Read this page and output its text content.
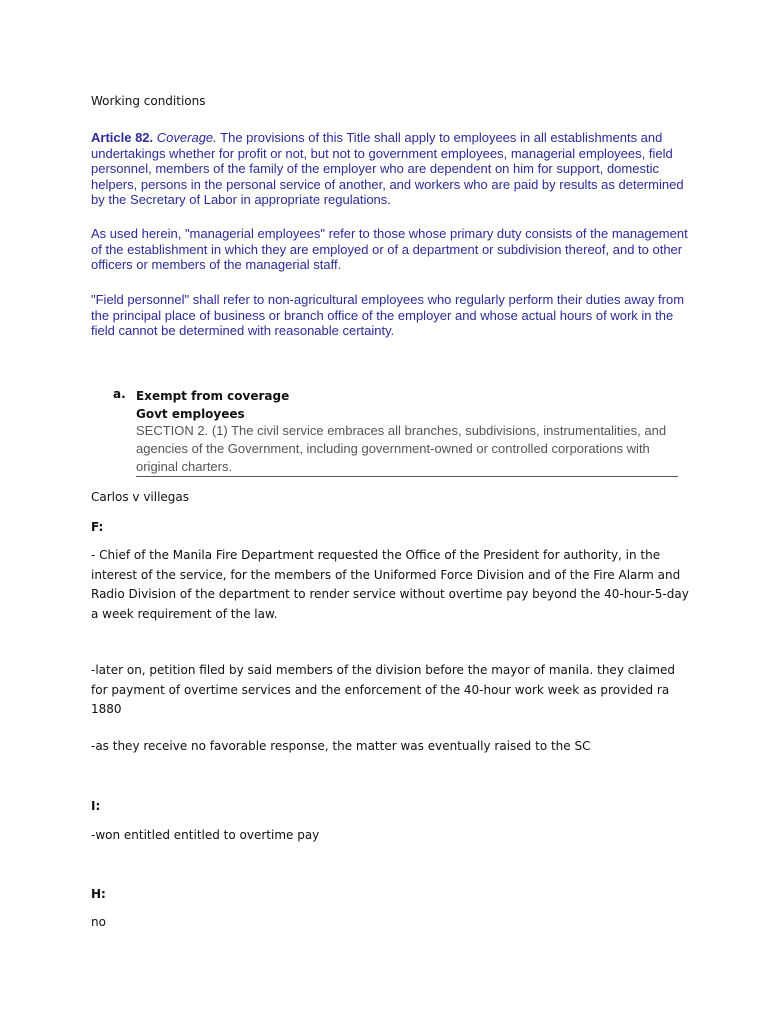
Working conditions
Article 82. Coverage. The provisions of this Title shall apply to employees in all establishments and undertakings whether for profit or not, but not to government employees, managerial employees, field personnel, members of the family of the employer who are dependent on him for support, domestic helpers, persons in the personal service of another, and workers who are paid by results as determined by the Secretary of Labor in appropriate regulations.
As used herein, "managerial employees" refer to those whose primary duty consists of the management of the establishment in which they are employed or of a department or subdivision thereof, and to other officers or members of the managerial staff.
"Field personnel" shall refer to non-agricultural employees who regularly perform their duties away from the principal place of business or branch office of the employer and whose actual hours of work in the field cannot be determined with reasonable certainty.
a. Exempt from coverage
Govt employees
SECTION 2. (1) The civil service embraces all branches, subdivisions, instrumentalities, and agencies of the Government, including government-owned or controlled corporations with original charters.
Carlos v villegas
F:
- Chief of the Manila Fire Department requested the Office of the President for authority, in the interest of the service, for the members of the Uniformed Force Division and of the Fire Alarm and Radio Division of the department to render service without overtime pay beyond the 40-hour-5-day a week requirement of the law.
-later on, petition filed by said members of the division before the mayor of manila. they claimed for payment of overtime services and the enforcement of the 40-hour work week as provided ra 1880
-as they receive no favorable response, the matter was eventually raised to the SC
I:
-won entitled entitled to overtime pay
H:
no
